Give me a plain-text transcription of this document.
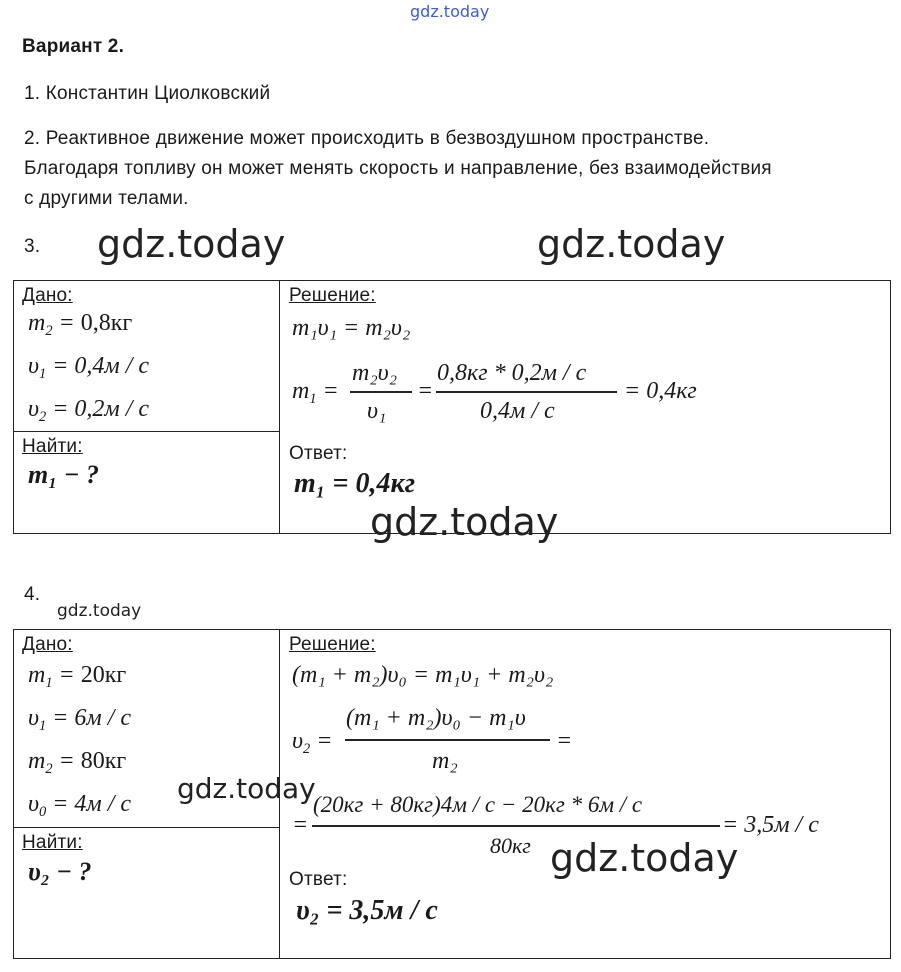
gdz.today
Вариант 2.
1. Константин Циолковский
2. Реактивное движение может происходить в безвоздушном пространстве.
Благодаря топливу он может менять скорость и направление, без взаимодействия
с другими телами.
3. gdz.today	gdz.today
Дано:
$m_2 = 0,8кг$
$\upsilon_1 = 0,4м / с$
$\upsilon_2 = 0,2м / с$
Найти:
m₁ − ?
Решение:
m₁υ₁ = m₂υ₂
$m_1$ =
m₂υ₂
υ₁
=
0,8кг * 0,2м / с
0,4м / с
= 0,4кг
Ответ:
m₁ = 0,4кг
gdz.today
4.
gdz.today
Дано:
$m_1 = 20кг$
$\upsilon_1 = 6м / с$
$m_2 = 80кг$
$\upsilon_0 = 4м / с$ gdz.today
Найти:
υ₂ − ?
Решение:
(m₁ + m₂)υ₀ = m₁υ₁ + m₂υ₂
$\upsilon_2$ =
(m₁ + m₂)υ₀ − m₁υ
m₂
=
=
(20кг + 80кг)4м / с − 20кг * 6м / с
80кг
= 3,5м / с
gdz.today
Ответ:
υ₂ = 3,5м / с
